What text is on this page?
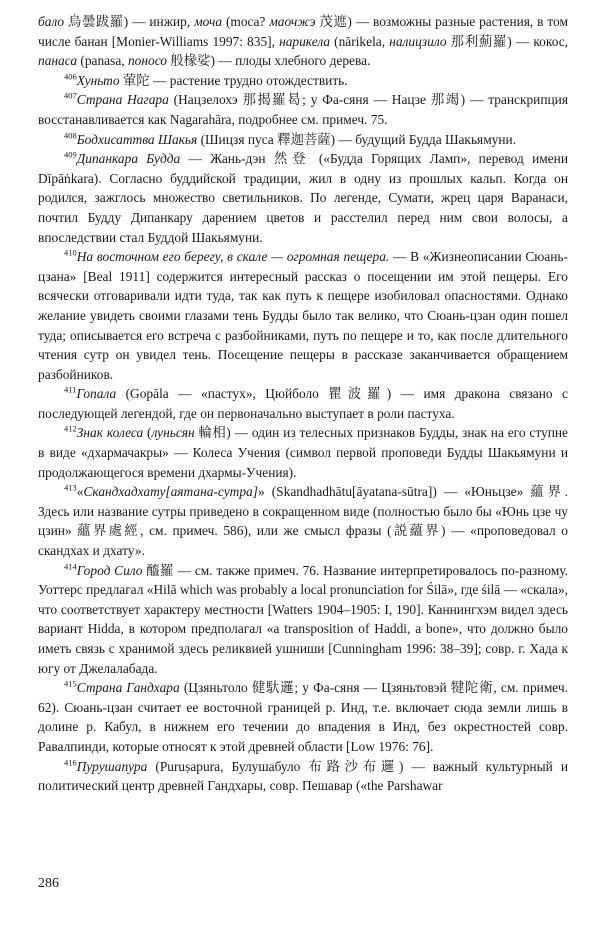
бало 烏曇跋羅) — инжир, моча (moca? маочжэ 茂遮) — возможны разные растения, в том числе банан [Monier-Williams 1997: 835], нарикела (nārikela, налицзило 那利薊羅) — кокос, панаса (panasa, поносо 般椽娑) — плоды хлебного дерева.

$^{406}$Хуньто 葷陀 — растение трудно отождествить.

$^{407}$Страна Нагара (Нацзелохэ 那揭羅曷; у Фа-сяня — Нацзе 那竭) — транскрипция восстанавливается как Nagarahāra, подробнее см. примеч. 75.

$^{408}$Бодхисаттва Шакья (Шицзя пуса 釋迦菩薩) — будущий Будда Шакьямуни.

$^{409}$Дипанкара Будда — Жань-дэн 然登 («Будда Горящих Ламп», перевод имени Dīpāṅkara). Согласно буддийской традиции, жил в одну из прошлых кальп. Когда он родился, зажглось множество светильников. По легенде, Сумати, жрец царя Варанаси, почтил Будду Дипанкару дарением цветов и расстелил перед ним свои волосы, а впоследствии стал Буддой Шакьямуни.

$^{410}$На восточном его берегу, в скале — огромная пещера. — В «Жизнеописании Сюань-цзана» [Beal 1911] содержится интересный рассказ о посещении им этой пещеры. Его всячески отговаривали идти туда, так как путь к пещере изобиловал опасностями. Однако желание увидеть своими глазами тень Будды было так велико, что Сюань-цзан один пошел туда; описывается его встреча с разбойниками, путь по пещере и то, как после длительного чтения сутр он увидел тень. Посещение пещеры в рассказе заканчивается обращением разбойников.

$^{411}$Гопала (Gopāla — «пастух», Цюйболо 瞿波羅) — имя дракона связано с последующей легендой, где он первоначально выступает в роли пастуха.

$^{412}$Знак колеса (луньсян 輪相) — один из телесных признаков Будды, знак на его ступне в виде «дхармачакры» — Колеса Учения (символ первой проповеди Будды Шакьямуни и продолжающегося времени дхармы-Учения).

$^{413}$«Скандхадхату[аятана-сутра]» (Skandhadhātu[āyatana-sūtra]) — «Юньцзе» 蘊界. Здесь или название сутры приведено в сокращенном виде (полностью было бы «Юнь цзе чу цзин» 蘊界處經, см. примеч. 586), или же смысл фразы (説蘊界) — «проповедовал о скандхах и дхату».

$^{414}$Город Сило 醯羅 — см. также примеч. 76. Название интерпретировалось по-разному. Уоттерс предлагал «Hilā which was probably a local pronunciation for Śilā», где śilā — «скала», что соответствует характеру местности [Watters 1904–1905: I, 190]. Каннингхэм видел здесь вариант Hidda, в котором предполагал «a transposition of Haddi, a bone», что должно было иметь связь с хранимой здесь реликвией ушниши [Cunningham 1996: 38–39]; совр. г. Хада к югу от Джелалабада.

$^{415}$Страна Гандхара (Цзяньтоло 健馱邏; у Фа-сяня — Цзяньтовэй 犍陀衛, см. примеч. 62). Сюань-цзан считает ее восточной границей р. Инд, т.е. включает сюда земли лишь в долине р. Кабул, в нижнем его течении до впадения в Инд, без окрестностей совр. Равалпинди, которые относят к этой древней области [Low 1976: 76].

$^{416}$Пурушапура (Puruṣapura, Булушабуло 布路沙布邏) — важный культурный и политический центр древней Гандхары, совр. Пешавар («the Parshawar

286
